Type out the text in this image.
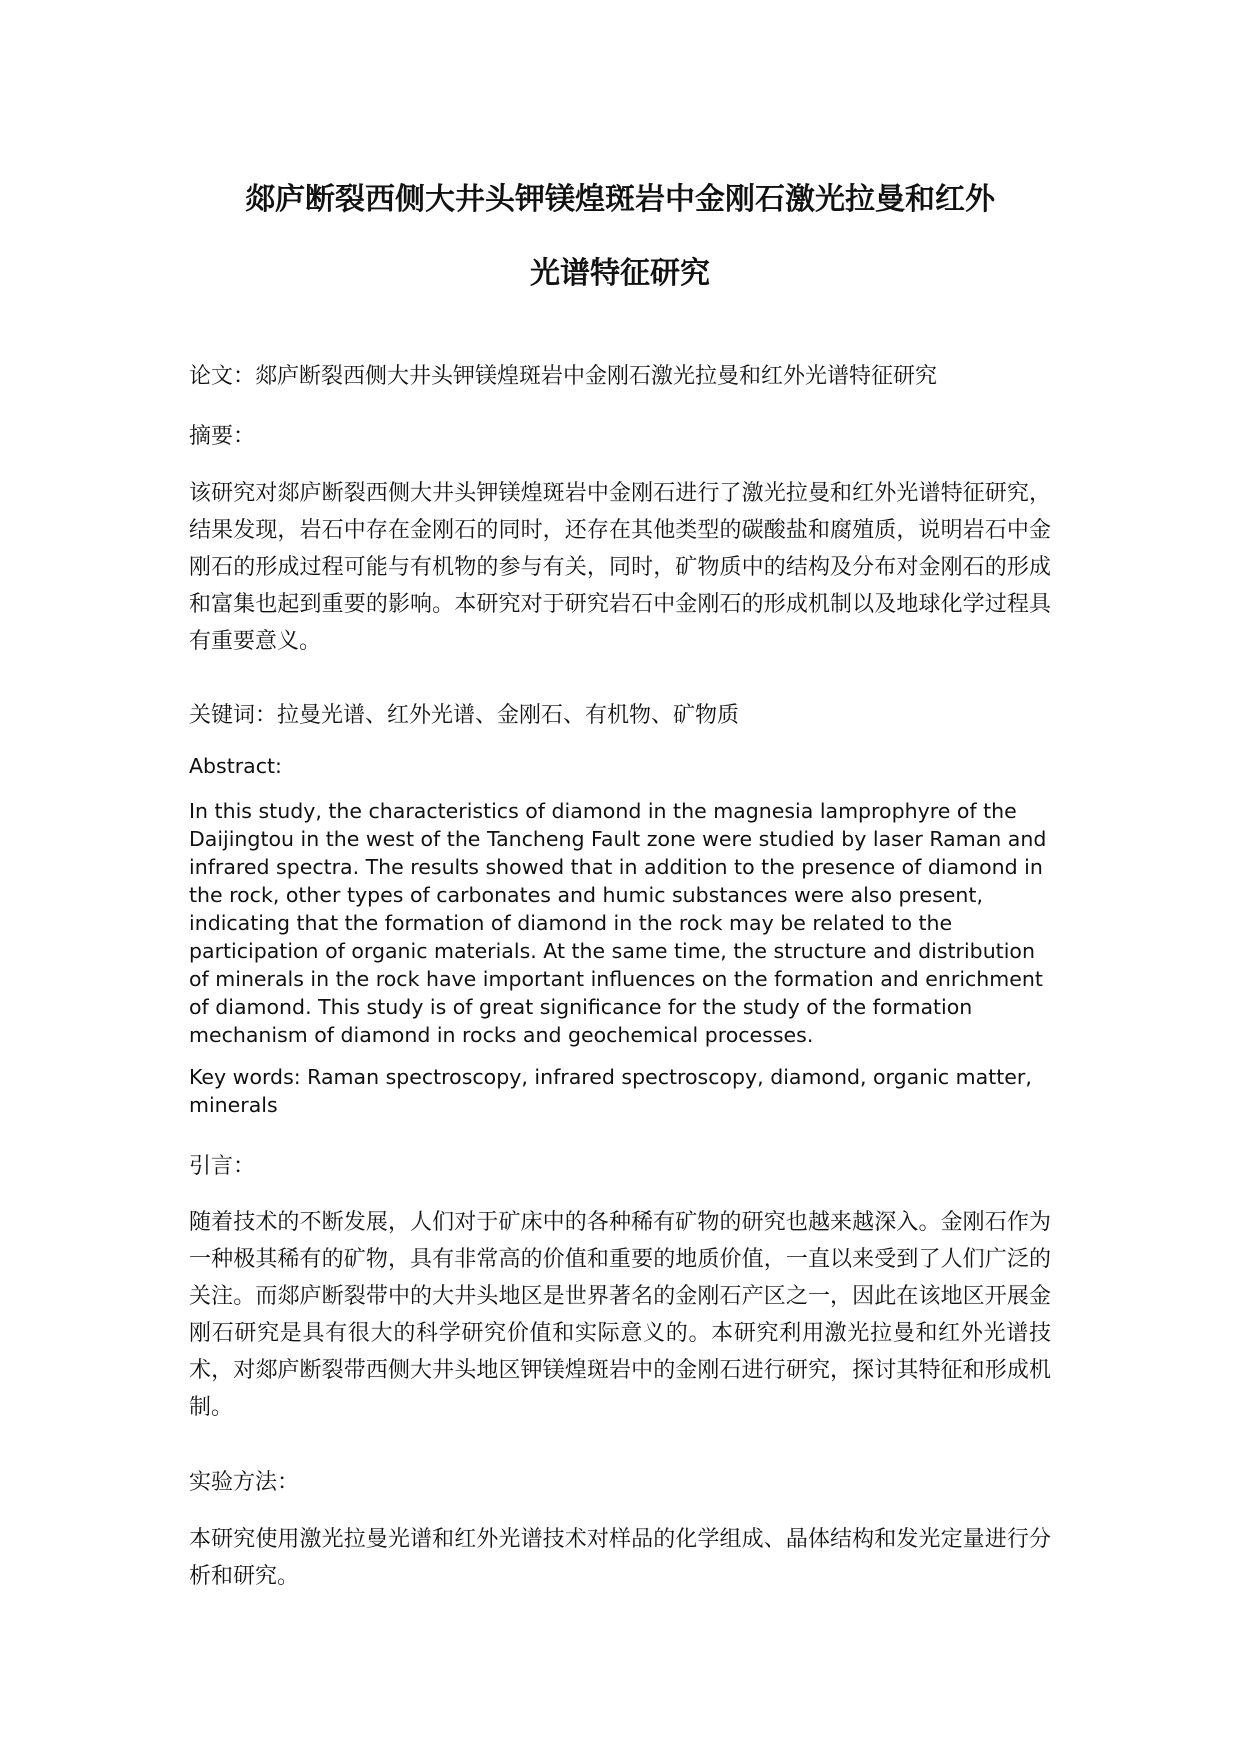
郯庐断裂西侧大井头钾镁煌斑岩中金刚石激光拉曼和红外
光谱特征研究

论文：郯庐断裂西侧大井头钾镁煌斑岩中金刚石激光拉曼和红外光谱特征研究

摘要：

该研究对郯庐断裂西侧大井头钾镁煌斑岩中金刚石进行了激光拉曼和红外光谱特征研究，结果发现，岩石中存在金刚石的同时，还存在其他类型的碳酸盐和腐殖质，说明岩石中金刚石的形成过程可能与有机物的参与有关，同时，矿物质中的结构及分布对金刚石的形成和富集也起到重要的影响。本研究对于研究岩石中金刚石的形成机制以及地球化学过程具有重要意义。

关键词：拉曼光谱、红外光谱、金刚石、有机物、矿物质

Abstract:

In this study, the characteristics of diamond in the magnesia lamprophyre of the Daijingtou in the west of the Tancheng Fault zone were studied by laser Raman and infrared spectra. The results showed that in addition to the presence of diamond in the rock, other types of carbonates and humic substances were also present, indicating that the formation of diamond in the rock may be related to the participation of organic materials. At the same time, the structure and distribution of minerals in the rock have important influences on the formation and enrichment of diamond. This study is of great significance for the study of the formation mechanism of diamond in rocks and geochemical processes.

Key words: Raman spectroscopy, infrared spectroscopy, diamond, organic matter, minerals

引言：

随着技术的不断发展，人们对于矿床中的各种稀有矿物的研究也越来越深入。金刚石作为一种极其稀有的矿物，具有非常高的价值和重要的地质价值，一直以来受到了人们广泛的关注。而郯庐断裂带中的大井头地区是世界著名的金刚石产区之一，因此在该地区开展金刚石研究是具有很大的科学研究价值和实际意义的。本研究利用激光拉曼和红外光谱技术，对郯庐断裂带西侧大井头地区钾镁煌斑岩中的金刚石进行研究，探讨其特征和形成机制。

实验方法：

本研究使用激光拉曼光谱和红外光谱技术对样品的化学组成、晶体结构和发光定量进行分析和研究。
